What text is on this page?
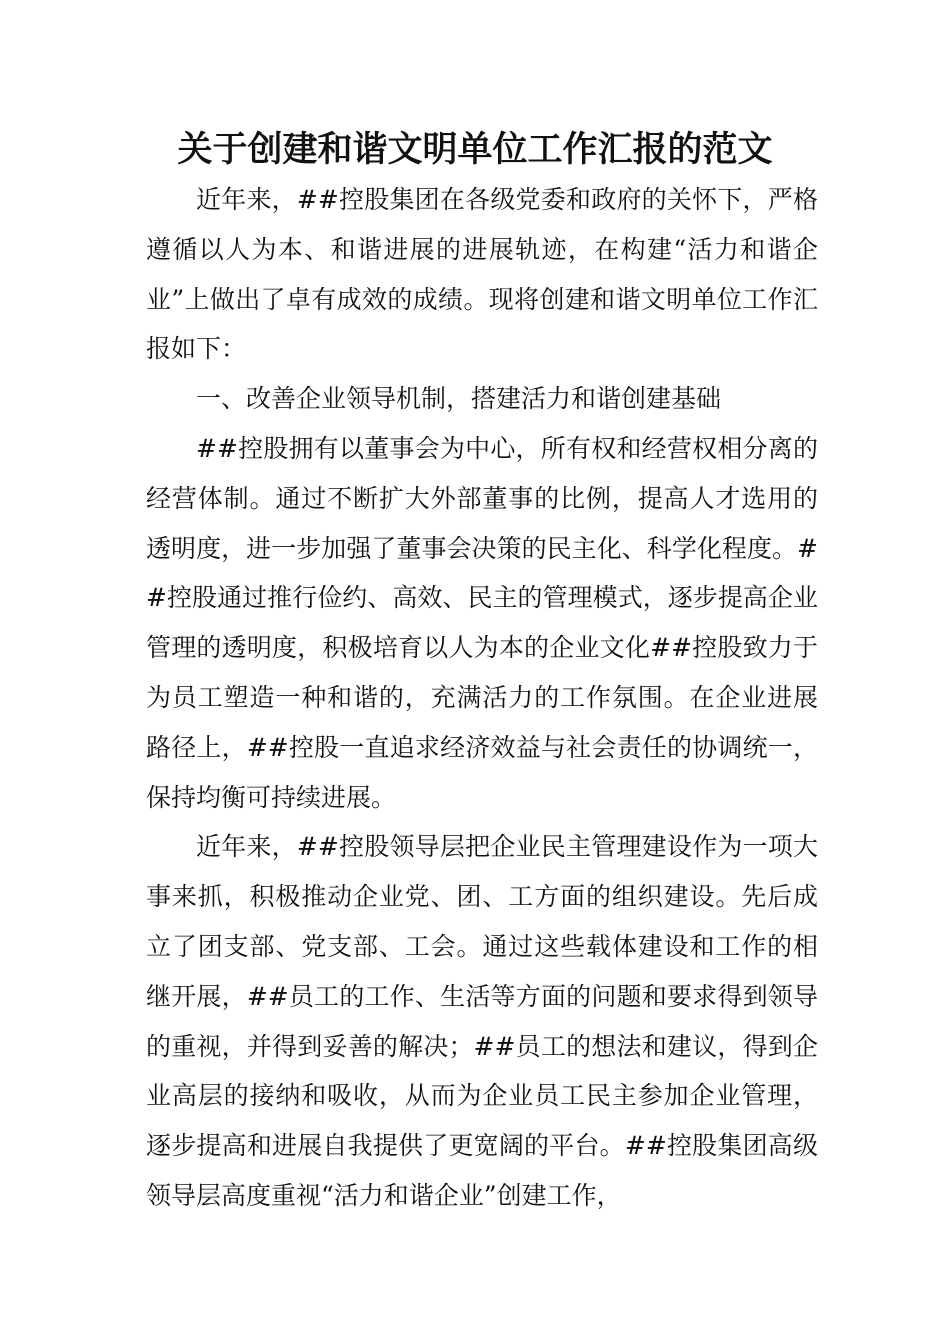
关于创建和谐文明单位工作汇报的范文

近年来，##控股集团在各级党委和政府的关怀下，严格遵循以人为本、和谐进展的进展轨迹，在构建“活力和谐企业”上做出了卓有成效的成绩。现将创建和谐文明单位工作汇报如下：

一、改善企业领导机制，搭建活力和谐创建基础

##控股拥有以董事会为中心，所有权和经营权相分离的经营体制。通过不断扩大外部董事的比例，提高人才选用的透明度，进一步加强了董事会决策的民主化、科学化程度。##控股通过推行俭约、高效、民主的管理模式，逐步提高企业管理的透明度，积极培育以人为本的企业文化##控股致力于为员工塑造一种和谐的，充满活力的工作氛围。在企业进展路径上，##控股一直追求经济效益与社会责任的协调统一，保持均衡可持续进展。

近年来，##控股领导层把企业民主管理建设作为一项大事来抓，积极推动企业党、团、工方面的组织建设。先后成立了团支部、党支部、工会。通过这些载体建设和工作的相继开展，##员工的工作、生活等方面的问题和要求得到领导的重视，并得到妥善的解决；##员工的想法和建议，得到企业高层的接纳和吸收，从而为企业员工民主参加企业管理，逐步提高和进展自我提供了更宽阔的平台。##控股集团高级领导层高度重视“活力和谐企业”创建工作，
